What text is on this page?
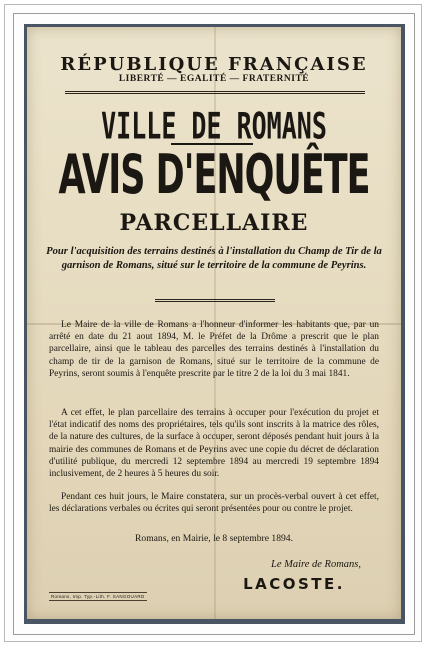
RÉPUBLIQUE FRANÇAISE
LIBERTÉ — EGALITÉ — FRATERNITÉ
VILLE DE ROMANS
AVIS D'ENQUÊTE
PARCELLAIRE
Pour l'acquisition des terrains destinés à l'installation du Champ de Tir de la garnison de Romans, situé sur le territoire de la commune de Peyrins.
Le Maire de la ville de Romans a l'honneur d'informer les habitants que, par un arrêté en date du 21 aout 1894, M. le Préfet de la Drôme a prescrit que le plan parcellaire, ainsi que le tableau des parcelles des terrains destinés à l'installation du champ de tir de la garnison de Romans, situé sur le territoire de la commune de Peyrins, seront soumis à l'enquête prescrite par le titre 2 de la loi du 3 mai 1841.
A cet effet, le plan parcellaire des terrains à occuper pour l'exécution du projet et l'état indicatif des noms des propriétaires, tels qu'ils sont inscrits à la matrice des rôles, de la nature des cultures, de la surface à occuper, seront déposés pendant huit jours à la mairie des communes de Romans et de Peyrins avec une copie du décret de déclaration d'utilité publique, du mercredi 12 septembre 1894 au mercredi 19 septembre 1894 inclusivement, de 2 heures à 5 heures du soir.
Pendant ces huit jours, le Maire constatera, sur un procès-verbal ouvert à cet effet, les déclarations verbales ou écrites qui seront présentées pour ou contre le projet.
Romans, en Mairie, le 8 septembre 1894.
Le Maire de Romans,
LACOSTE.
Romans, Imp. Typ.-Lith. F. SANGOUARD
